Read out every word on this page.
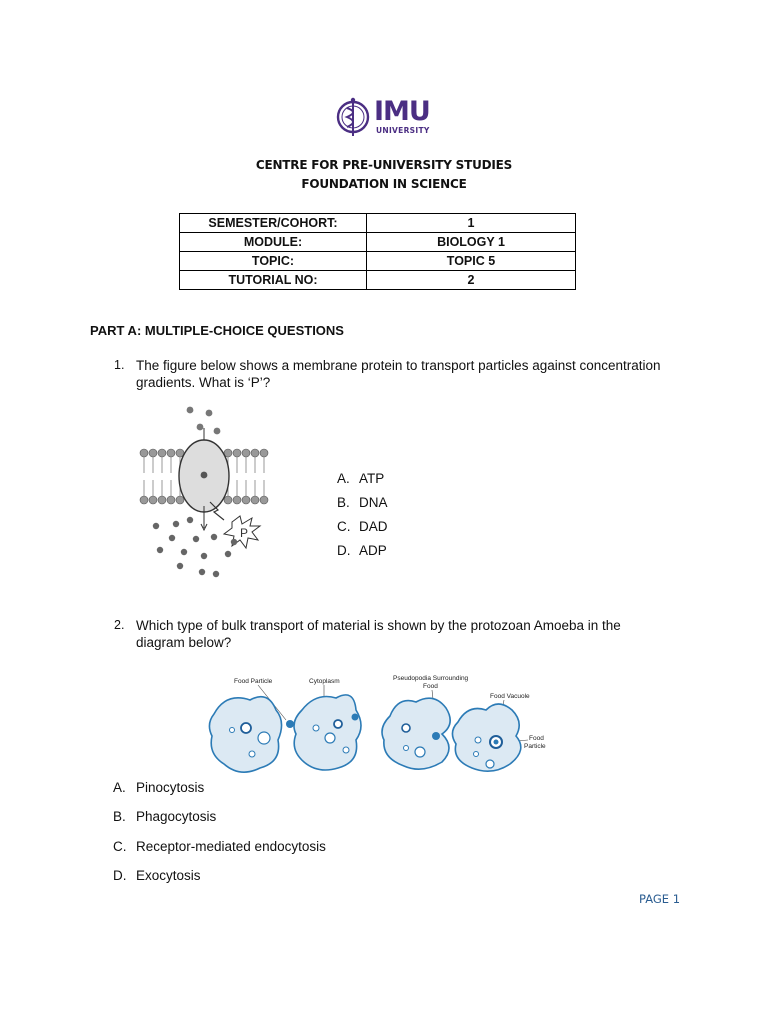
IMU
UNIVERSITY
CENTRE FOR PRE-UNIVERSITY STUDIES
FOUNDATION IN SCIENCE
SEMESTER/COHORT:	1
MODULE:	BIOLOGY 1
TOPIC:	TOPIC 5
TUTORIAL NO:	2
PART A: MULTIPLE-CHOICE QUESTIONS
1. The figure below shows a membrane protein to transport particles against concentration
gradients. What is ‘P’?
P
A. ATP
B. DNA
C. DAD
D. ADP
2. Which type of bulk transport of material is shown by the protozoan Amoeba in the
diagram below?
Food Particle	Cytoplasm	Pseudopodia Surrounding
Food
Food Vacuole
Food
Particle
A. Pinocytosis
B. Phagocytosis
C. Receptor-mediated endocytosis
D. Exocytosis
PAGE 1
